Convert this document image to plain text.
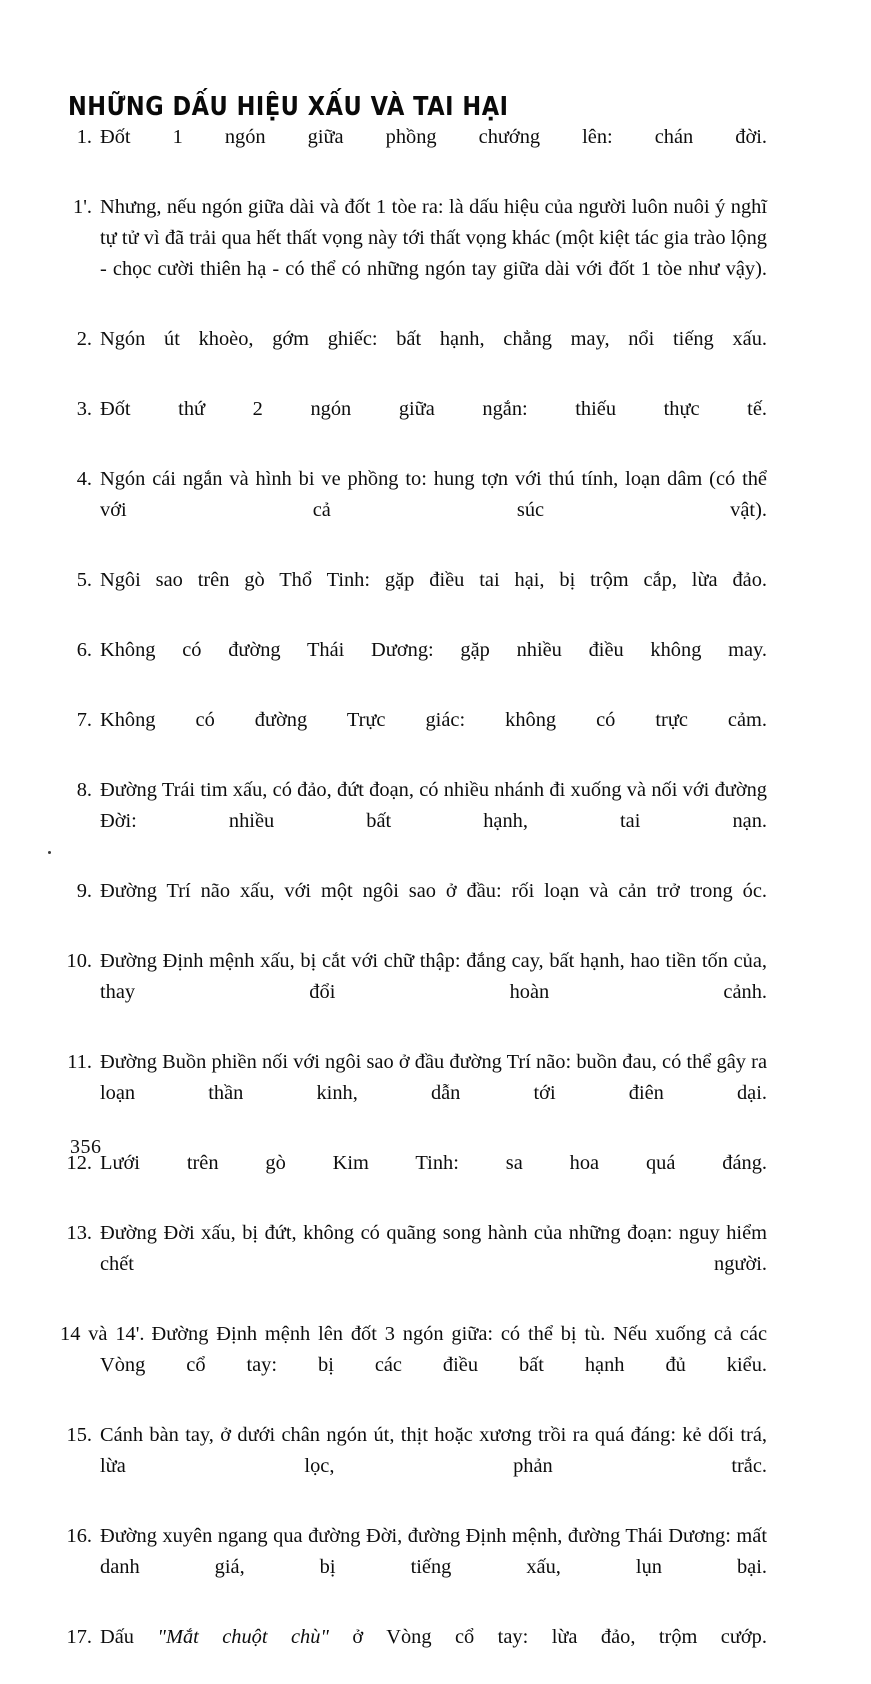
NHỮNG DẤU HIỆU XẤU VÀ TAI HẠI
1. Đốt 1 ngón giữa phồng chướng lên: chán đời.
1'. Nhưng, nếu ngón giữa dài và đốt 1 tòe ra: là dấu hiệu của người luôn nuôi ý nghĩ tự tử vì đã trải qua hết thất vọng này tới thất vọng khác (một kiệt tác gia trào lộng - chọc cười thiên hạ - có thể có những ngón tay giữa dài với đốt 1 tòe như vậy).
2. Ngón út khoèo, gớm ghiếc: bất hạnh, chẳng may, nổi tiếng xấu.
3. Đốt thứ 2 ngón giữa ngắn: thiếu thực tế.
4. Ngón cái ngắn và hình bi ve phồng to: hung tợn với thú tính, loạn dâm (có thể với cả súc vật).
5. Ngôi sao trên gò Thổ Tinh: gặp điều tai hại, bị trộm cắp, lừa đảo.
6. Không có đường Thái Dương: gặp nhiều điều không may.
7. Không có đường Trực giác: không có trực cảm.
8. Đường Trái tim xấu, có đảo, đứt đoạn, có nhiều nhánh đi xuống và nối với đường Đời: nhiều bất hạnh, tai nạn.
9. Đường Trí não xấu, với một ngôi sao ở đầu: rối loạn và cản trở trong óc.
10. Đường Định mệnh xấu, bị cắt với chữ thập: đắng cay, bất hạnh, hao tiền tốn của, thay đổi hoàn cảnh.
11. Đường Buồn phiền nối với ngôi sao ở đầu đường Trí não: buồn đau, có thể gây ra loạn thần kinh, dẫn tới điên dại.
12. Lưới trên gò Kim Tinh: sa hoa quá đáng.
13. Đường Đời xấu, bị đứt, không có quãng song hành của những đoạn: nguy hiểm chết người.
14 và 14'. Đường Định mệnh lên đốt 3 ngón giữa: có thể bị tù. Nếu xuống cả các Vòng cổ tay: bị các điều bất hạnh đủ kiểu.
15. Cánh bàn tay, ở dưới chân ngón út, thịt hoặc xương trồi ra quá đáng: kẻ dối trá, lừa lọc, phản trắc.
16. Đường xuyên ngang qua đường Đời, đường Định mệnh, đường Thái Dương: mất danh giá, bị tiếng xấu, lụn bại.
17. Dấu "Mắt chuột chù" ở Vòng cổ tay: lừa đảo, trộm cướp.
356
